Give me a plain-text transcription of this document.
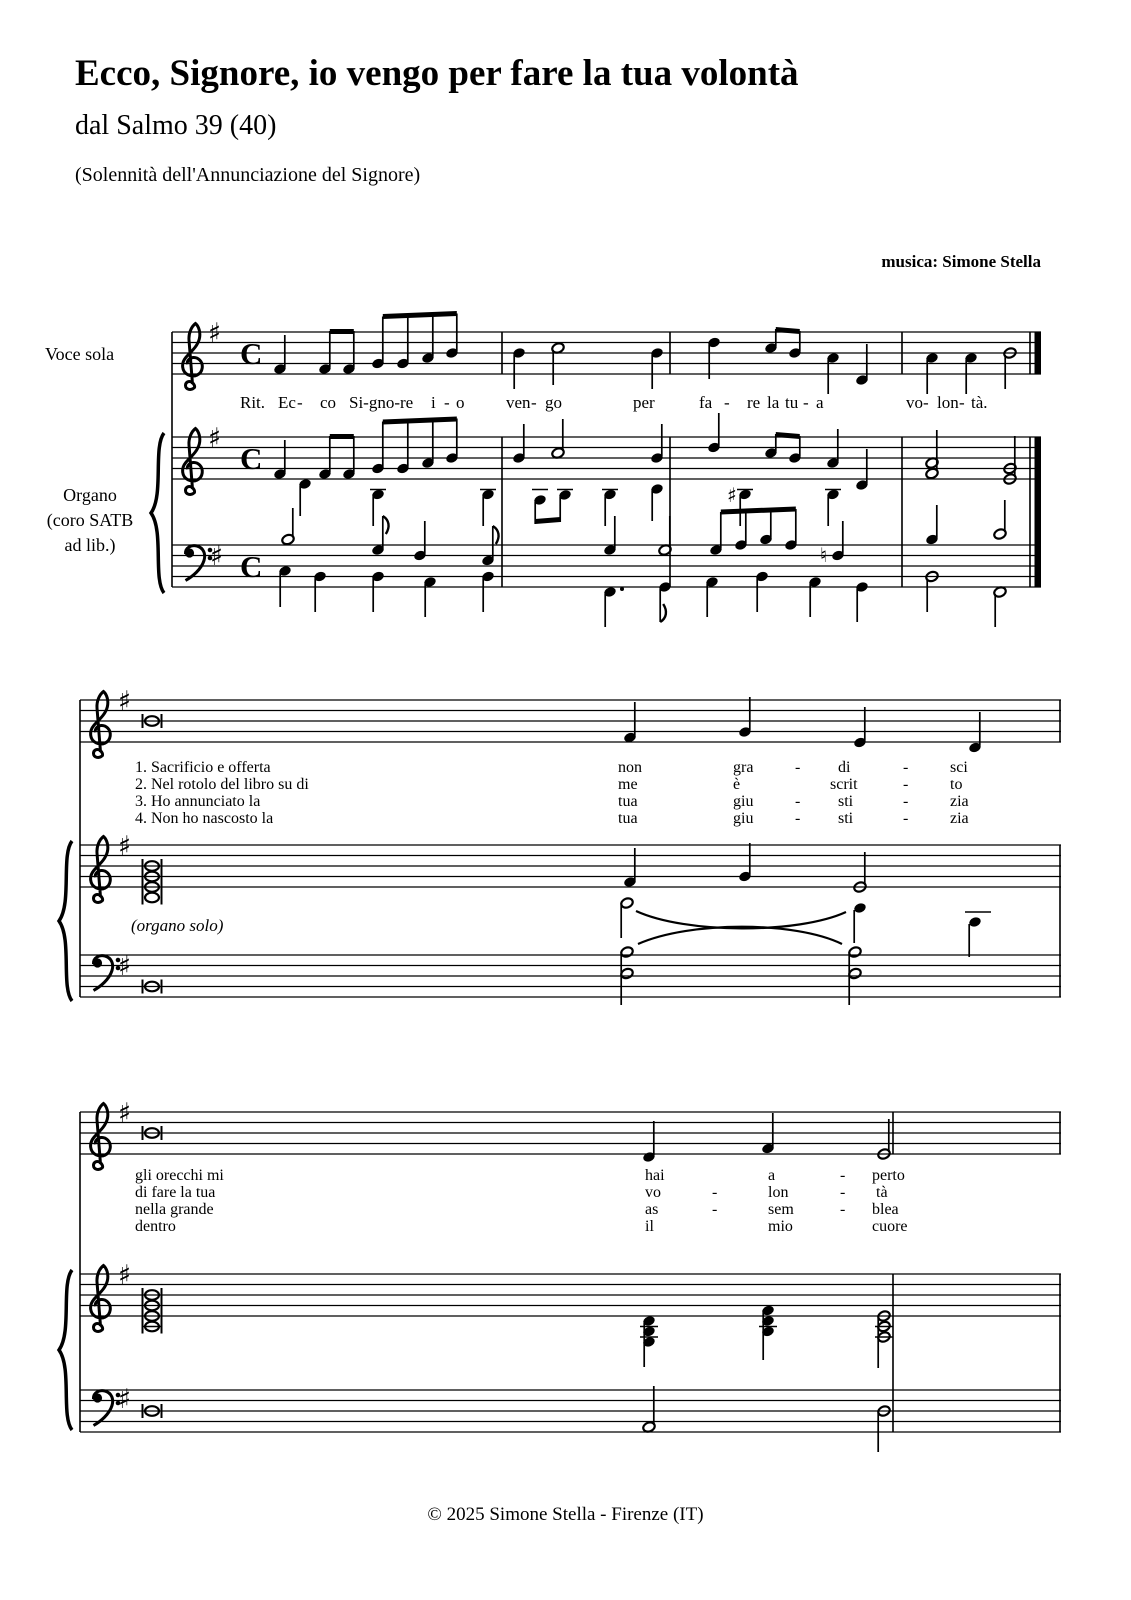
♯
♯
♯
♯
♯
♯
♯
♯
♯
C
C
C
♯
♮
Ecco, Signore, io vengo per fare la tua volontà
dal Salmo 39 (40)
(Solennità dell'Annunciazione del Signore)
musica: Simone Stella
Voce sola
Organo
(coro SATB
ad lib.)
(organo solo)
Rit. Ec - co Si-gno-re i - o ven - go	per	fa - re la tu - a	vo - lon - tà.
1. Sacrificio e offerta	non	gra	- di	-	sci
2. Nel rotolo del libro su di	me	è	scrit	-	to
3. Ho annunciato la	tua	giu	- sti	-	zia
4. Non ho nascosto la	tua	giu	- sti	-	zia
gli orecchi mi	hai	a	- perto
di fare la tua	vo	-	lon	- tà
nella grande	as	-	sem	- blea
dentro	il	mio	cuore
© 2025 Simone Stella - Firenze (IT)
